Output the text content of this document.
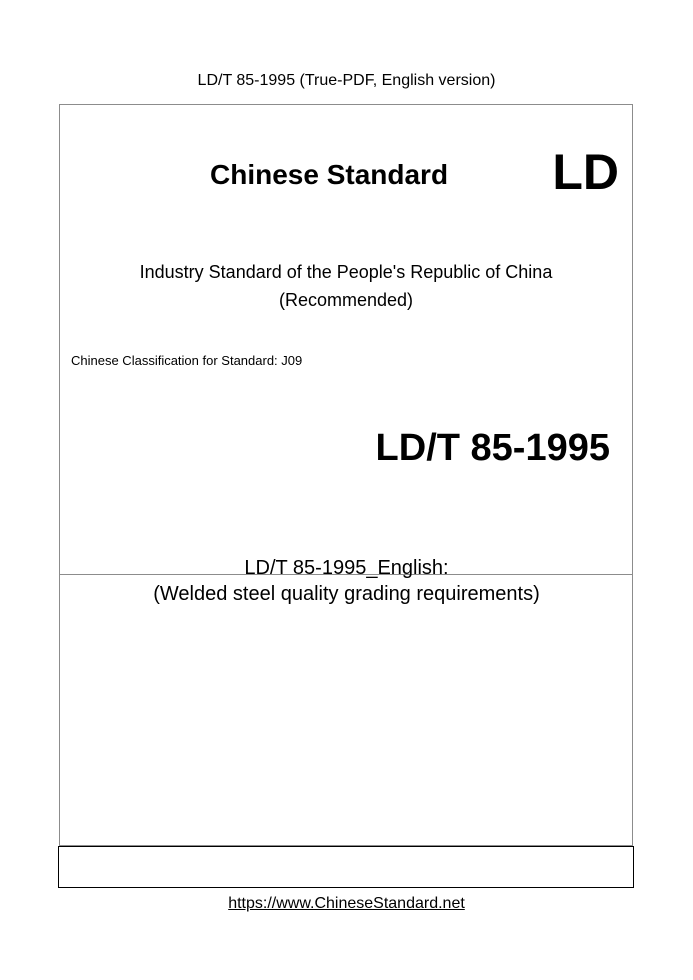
LD/T 85-1995 (True-PDF, English version)
Chinese Standard LD
Industry Standard of the People's Republic of China
(Recommended)
Chinese Classification for Standard: J09
LD/T 85-1995
LD/T 85-1995_English:
(Welded steel quality grading requirements)
https://www.ChineseStandard.net
